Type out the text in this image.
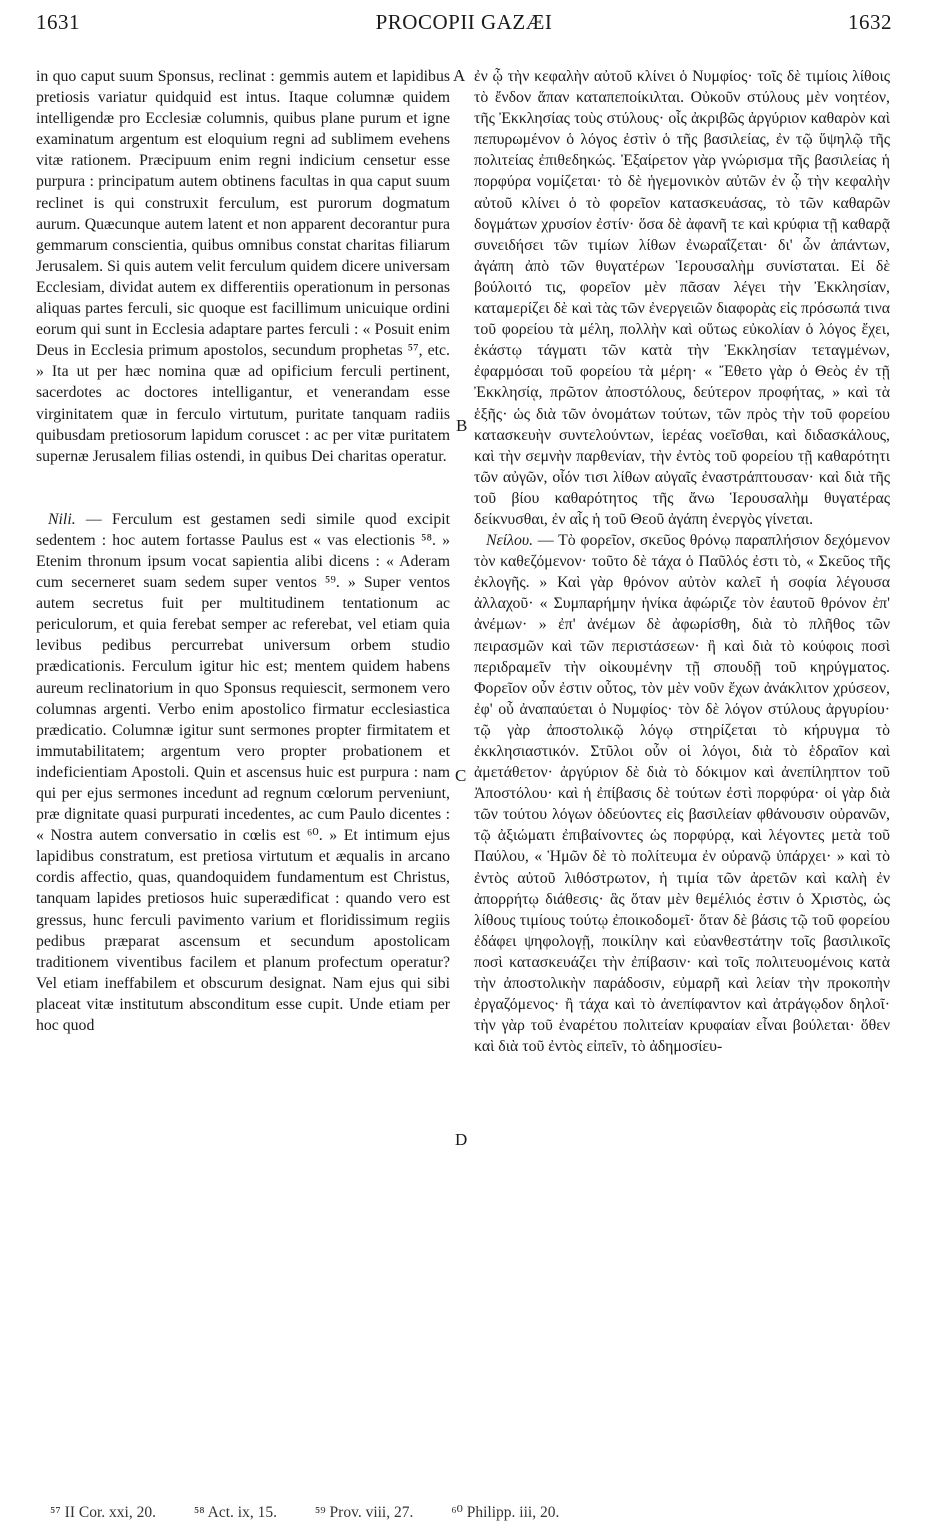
1631	PROCOPII GAZÆI	1632

in quo caput suum Sponsus, reclinat : gemmis autem et lapidibus pretiosis variatur quidquid est intus. Itaque columnæ quidem intelligendæ pro Ecclesiæ columnis, quibus plane purum et igne examinatum argentum est eloquium regni ad sublimem evehens vitæ rationem. Præcipuum enim regni indicium censetur esse purpura : principatum autem obtinens facultas in qua caput suum reclinet is qui construxit ferculum, est purorum dogmatum aurum. Quæcunque autem latent et non apparent decorantur pura gemmarum conscientia, quibus omnibus constat charitas filiarum Jerusalem. Si quis autem velit ferculum quidem dicere universam Ecclesiam, dividat autem ex differentiis operationum in personas aliquas partes ferculi, sic quoque est facillimum unicuique ordini eorum qui sunt in Ecclesia adaptare partes ferculi : « Posuit enim Deus in Ecclesia primum apostolos, secundum prophetas ⁵⁷, etc. » Ita ut per hæc nomina quæ ad opificium ferculi pertinent, sacerdotes ac doctores intelligantur, et venerandam esse virginitatem quæ in ferculo virtutum, puritate tanquam radiis quibusdam pretiosorum lapidum coruscet : ac per vitæ puritatem supernæ Jerusalem filias ostendi, in quibus Dei charitas operatur.

Nili. — Ferculum est gestamen sedi simile quod excipit sedentem : hoc autem fortasse Paulus est « vas electionis ⁵⁸. » Etenim thronum ipsum vocat sapientia alibi dicens : « Aderam cum secerneret suam sedem super ventos ⁵⁹. » Super ventos autem secretus fuit per multitudinem tentationum ac periculorum, et quia ferebat semper ac referebat, vel etiam quia levibus pedibus percurrebat universum orbem studio prædicationis. Ferculum igitur hic est; mentem quidem habens aureum reclinatorium in quo Sponsus requiescit, sermonem vero columnas argenti. Verbo enim apostolico firmatur ecclesiastica prædicatio. Columnæ igitur sunt sermones propter firmitatem et immutabilitatem; argentum vero propter probationem et indeficientiam Apostoli. Quin et ascensus huic est purpura : nam qui per ejus sermones incedunt ad regnum cœlorum perveniunt, præ dignitate quasi purpurati incedentes, ac cum Paulo dicentes : « Nostra autem conversatio in cœlis est ⁶⁰. » Et intimum ejus lapidibus constratum, est pretiosa virtutum et æqualis in arcano cordis affectio, quas, quandoquidem fundamentum est Christus, tanquam lapides pretiosos huic superædificat : quando vero est gressus, hunc ferculi pavimento varium et floridissimum regiis pedibus præparat ascensum et secundum apostolicam traditionem viventibus facilem et planum profectum operatur? Vel etiam ineffabilem et obscurum designat. Nam ejus qui sibi placeat vitæ institutum absconditum esse cupit. Unde etiam per hoc quod

ἐν ᾧ τὴν κεφαλὴν αὐτοῦ κλίνει ὁ Νυμφίος· τοῖς δὲ τιμίοις λίθοις τὸ ἔνδον ἅπαν καταπεποίκιλται. Οὐκοῦν στύλους μὲν νοητέον, τῆς Ἐκκλησίας τοὺς στύλους· οἷς ἀκριβῶς ἀργύριον καθαρὸν καὶ πεπυρωμένον ὁ λόγος ἐστὶν ὁ τῆς βασιλείας, ἐν τῷ ὕψηλῷ τῆς πολιτείας ἐπιθεδηκώς. Ἐξαίρετον γὰρ γνώρισμα τῆς βασιλείας ἡ πορφύρα νομίζεται· τὸ δὲ ἡγεμονικὸν αὐτῶν ἐν ᾧ τὴν κεφαλὴν αὐτοῦ κλίνει ὁ τὸ φορεῖον κατασκευάσας, τὸ τῶν καθαρῶν δογμάτων χρυσίον ἐστίν· ὅσα δὲ ἀφανῆ τε καὶ κρύφια τῇ καθαρᾷ συνειδήσει τῶν τιμίων λίθων ἐνωραΐζεται· δι' ὧν ἁπάντων, ἀγάπη ἀπὸ τῶν θυγατέρων Ἱερουσαλὴμ συνίσταται. Εἰ δὲ βούλοιτό τις, φορεῖον μὲν πᾶσαν λέγει τὴν Ἐκκλησίαν, καταμερίζει δὲ καὶ τὰς τῶν ἐνεργειῶν διαφορὰς εἰς πρόσωπά τινα τοῦ φορείου τὰ μέλη, πολλὴν καὶ οὕτως εὐκολίαν ὁ λόγος ἔχει, ἑκάστῳ τάγματι τῶν κατὰ τὴν Ἐκκλησίαν τεταγμένων, ἐφαρμόσαι τοῦ φορείου τὰ μέρη· « Ἔθετο γὰρ ὁ Θεὸς ἐν τῇ Ἐκκλησίᾳ, πρῶτον ἀποστόλους, δεύτερον προφήτας, » καὶ τὰ ἑξῆς· ὡς διὰ τῶν ὀνομάτων τούτων, τῶν πρὸς τὴν τοῦ φορείου κατασκευὴν συντελούντων, ἱερέας νοεῖσθαι, καὶ διδασκάλους, καὶ τὴν σεμνὴν παρθενίαν, τὴν ἐντὸς τοῦ φορείου τῇ καθαρότητι τῶν αὐγῶν, οἷόν τισι λίθων αὐγαῖς ἐναστράπτουσαν· καὶ διὰ τῆς τοῦ βίου καθαρότητος τῆς ἄνω Ἱερουσαλὴμ θυγατέρας δείκνυσθαι, ἐν αἷς ἡ τοῦ Θεοῦ ἀγάπη ἐνεργὸς γίνεται.

Νείλου. — Τὸ φορεῖον, σκεῦος θρόνῳ παραπλήσιον δεχόμενον τὸν καθεζόμενον· τοῦτο δὲ τάχα ὁ Παῦλός ἐστι τὸ, « Σκεῦος τῆς ἐκλογῆς. » Καὶ γὰρ θρόνον αὐτὸν καλεῖ ἡ σοφία λέγουσα ἀλλαχοῦ· « Συμπαρήμην ἡνίκα ἀφώριζε τὸν ἑαυτοῦ θρόνον ἐπ' ἀνέμων· » ἐπ' ἀνέμων δὲ ἀφωρίσθη, διὰ τὸ πλῆθος τῶν πειρασμῶν καὶ τῶν περιστάσεων· ἢ καὶ διὰ τὸ κούφοις ποσὶ περιδραμεῖν τὴν οἰκουμένην τῇ σπουδῇ τοῦ κηρύγματος. Φορεῖον οὖν ἐστιν οὗτος, τὸν μὲν νοῦν ἔχων ἀνάκλιτον χρύσεον, ἐφ' οὗ ἀναπαύεται ὁ Νυμφίος· τὸν δὲ λόγον στύλους ἀργυρίου· τῷ γὰρ ἀποστολικῷ λόγῳ στηρίζεται τὸ κήρυγμα τὸ ἐκκλησιαστικόν. Στῦλοι οὖν οἱ λόγοι, διὰ τὸ ἑδραῖον καὶ ἀμετάθετον· ἀργύριον δὲ διὰ τὸ δόκιμον καὶ ἀνεπίληπτον τοῦ Ἀποστόλου· καὶ ἡ ἐπίβασις δὲ τούτων ἐστὶ πορφύρα· οἱ γὰρ διὰ τῶν τούτου λόγων ὁδεύοντες εἰς βασιλείαν φθάνουσιν οὐρανῶν, τῷ ἀξιώματι ἐπιβαίνοντες ὡς πορφύρᾳ, καὶ λέγοντες μετὰ τοῦ Παύλου, « Ἡμῶν δὲ τὸ πολίτευμα ἐν οὐρανῷ ὑπάρχει· » καὶ τὸ ἐντὸς αὐτοῦ λιθόστρωτον, ἡ τιμία τῶν ἀρετῶν καὶ καλὴ ἐν ἀπορρήτῳ διάθεσις· ἃς ὅταν μὲν θεμέλιός ἐστιν ὁ Χριστὸς, ὡς λίθους τιμίους τούτῳ ἐποικοδομεῖ· ὅταν δὲ βάσις τῷ τοῦ φορείου ἐδάφει ψηφολογῇ, ποικίλην καὶ εὐανθεστάτην τοῖς βασιλικοῖς ποσὶ κατασκευάζει τὴν ἐπίβασιν· καὶ τοῖς πολιτευομένοις κατὰ τὴν ἀποστολικὴν παράδοσιν, εὐμαρῆ καὶ λείαν τὴν προκοπὴν ἐργαζόμενος· ἢ τάχα καὶ τὸ ἀνεπίφαντον καὶ ἀτράγῳδον δηλοῖ· τὴν γὰρ τοῦ ἐναρέτου πολιτείαν κρυφαίαν εἶναι βούλεται· ὅθεν καὶ διὰ τοῦ ἐντὸς εἰπεῖν, τὸ ἀδημοσίευ-

A
B
C
D
⁵⁷ II Cor. xxi, 20. ⁵⁸ Act. ix, 15. ⁵⁹ Prov. viii, 27. ⁶⁰ Philipp. iii, 20.
